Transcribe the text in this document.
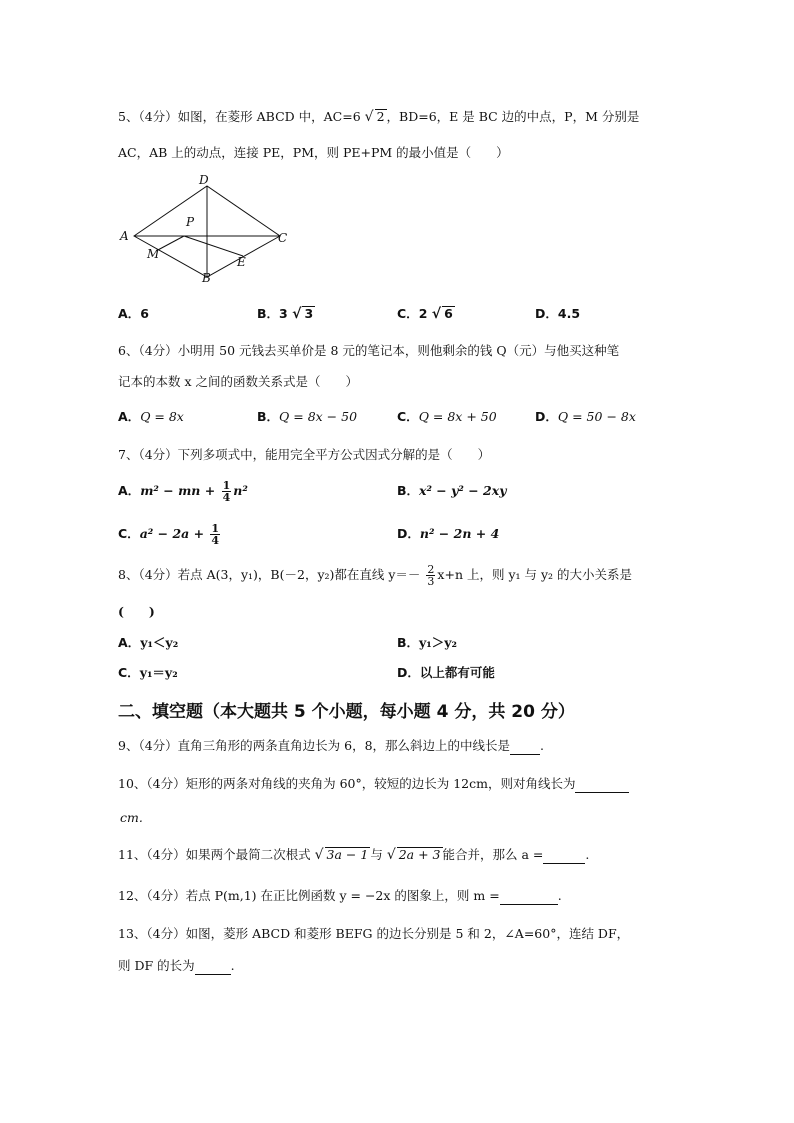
5、（4分）如图，在菱形 ABCD 中，AC=6 √ 2 ，BD=6，E 是 BC 边的中点，P，M 分别是
AC，AB 上的动点，连接 PE，PM，则 PE+PM 的最小值是（　　）
D
A	C
B
P
M
E
A．6	B．3 √ 3	C．2 √ 6	D．4.5
6、（4分）小明用 50 元钱去买单价是 8 元的笔记本，则他剩余的钱 Q（元）与他买这种笔
记本的本数 x 之间的函数关系式是（　　）
A．Q = 8x	B．Q = 8x − 50	C．Q = 8x + 50	D．Q = 50 − 8x
7、（4分）下列多项式中，能用完全平方公式因式分解的是（　　）
A．m² − mn + $\frac{1}{4} n^2$	B．x² − y² − 2xy
C．$a^2 - 2a + \frac{1}{4}$	D．n² − 2n + 4
8、（4分）若点 A(3，y₁)，B(－2，y₂)都在直线 $y=- \frac{2}{3} x+n$ 上，则 y₁ 与 y₂ 的大小关系是
(　　)
A．y₁＜y₂	B．y₁＞y₂
C．y₁＝y₂	D．以上都有可能
二、填空题（本大题共 5 个小题，每小题 4 分，共 20 分）
9、（4分）直角三角形的两条直角边长为 6，8，那么斜边上的中线长是 .
10、（4分）矩形的两条对角线的夹角为 60°，较短的边长为 12cm，则对角线长为
cm.
11、（4分）如果两个最简二次根式 √ 3a − 1 与 √ 2a + 3 能合并，那么 a =	.
12、（4分）若点 P(m,1) 在正比例函数 y = −2x 的图象上，则 m =	.
13、（4分）如图，菱形 ABCD 和菱形 BEFG 的边长分别是 5 和 2，∠A=60°，连结 DF，
则 DF 的长为	.
